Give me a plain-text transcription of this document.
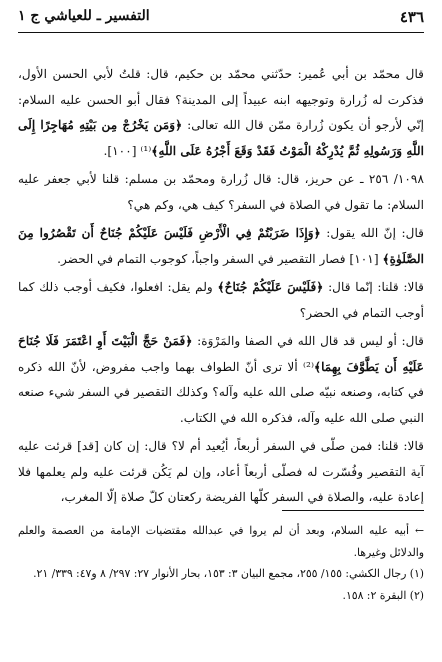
٤٣٦
التفسير ـ للعياشي ج ١

قال محمّد بن أبي عُمير: حدّثني محمّد بن حكيم، قال: قلتُ لأبي الحسن الأول، فذكرت له زُرارة وتوجيهه ابنه عبيداً إلى المدينة؟ فقال أبو الحسن عليه السلام: إنّي لأرجو أن يكون زُرارة ممّن قال الله تعالى: ﴿وَمَن يَخْرُجْ مِن بَيْتِهِ مُهَاجِرًا إِلَى اللَّهِ وَرَسُولِهِ ثُمَّ يُدْرِكْهُ الْمَوْتُ فَقَدْ وَقَعَ أَجْرُهُ عَلَى اللَّهِ﴾⁽¹⁾ [١٠٠].

١٠٩٨/ ٢٥٦ ـ عن حريز، قال: قال زُرارة ومحمّد بن مسلم: قلنا لأبي جعفر عليه السلام: ما تقول في الصلاة في السفر؟ كيف هي، وكم هي؟

قال: إنّ الله يقول: ﴿وَإِذَا ضَرَبْتُمْ فِي الْأَرْضِ فَلَيْسَ عَلَيْكُمْ جُنَاحٌ أَن تَقْصُرُوا مِنَ الصَّلَوٰةِ﴾ [١٠١] فصار التقصير في السفر واجباً، كوجوب التمام في الحضر.

قالا: قلنا: إنّما قال: ﴿فَلَيْسَ عَلَيْكُمْ جُنَاحٌ﴾ ولم يقل: افعلوا، فكيف أوجب ذلك كما أوجب التمام في الحضر؟

قال: أو ليس قد قال الله في الصفا والمَرْوَة: ﴿فَمَنْ حَجَّ الْبَيْتَ أَوِ اعْتَمَرَ فَلَا جُنَاحَ عَلَيْهِ أَن يَطَّوَّفَ بِهِمَا﴾⁽²⁾ ألا ترى أنّ الطواف بهما واجب مفروض، لأنّ الله ذكره في كتابه، وصنعه نبيّه صلى الله عليه وآله؟ وكذلك التقصير في السفر شيء صنعه النبي صلى الله عليه وآله، فذكره الله في الكتاب.

قالا: قلنا: فمن صلّى في السفر أربعاً، أيُعيد أم لا؟ قال: إن كان [قد] قرئت عليه آية التقصير وفُسّرت له فصلّى أربعاً أعاد، وإن لم يَكُن قرئت عليه ولم يعلمها فلا إعادة عليه، والصلاة في السفر كلّها الفريضة ركعتان كلّ صلاة إلّا المغرب،

← أبيه عليه السلام، وبعد أن لم يروا في عبدالله مقتضيات الإمامة من العصمة والعلم والدلائل وغيرها.

(١) رجال الكشي: ١٥٥/ ٢٥٥، مجمع البيان ٣: ١٥٣، بحار الأنوار ٢٧: ٢٩٧/ ٨ و٤٧: ٣٣٩/ ٢١.

(٢) البقرة ٢: ١٥٨.
